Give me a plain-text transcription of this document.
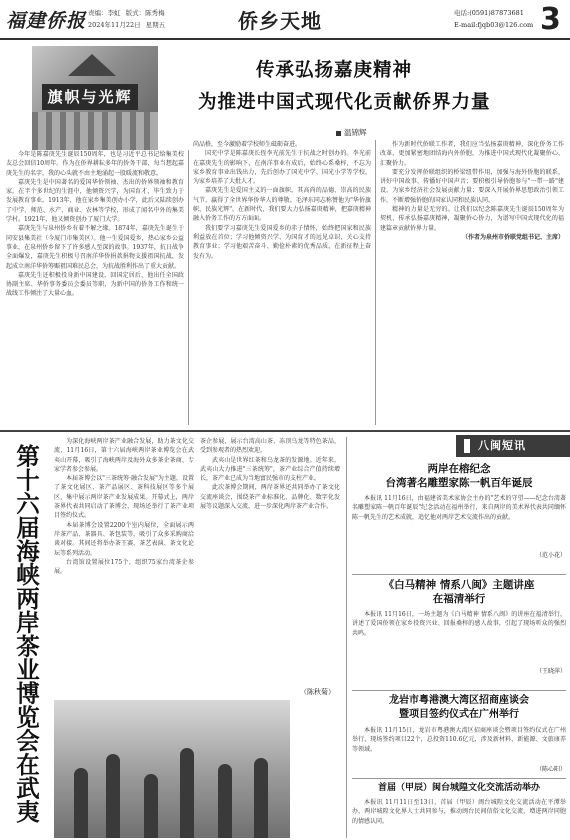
福建侨报 责编：李虹 版式：陈秀梅
2024年11月22日 星期五	侨乡天地	电话:(0591)87873681
E-mail:fjqb03@126.com 3
旗帜与光辉
传承弘扬嘉庚精神
为推进中国式现代化贡献侨界力量
温锦辉

今年是陈嘉庚先生诞辰150周年，也是习近平总书记给集美校友总会回信10周年。作为在侨界耕耘多年的侨务干部，每当想起嘉庚先生的名字，我的心头就不由主地涌起一股暖流和敬意。

嘉庚先生是中国著名的爱国华侨领袖、杰出的侨界领袖和教育家。在半个多世纪的生涯中，他倾资兴学，为国育才，毕生致力于发展教育事业。1913年，他在家乡集美创办小学，此后又陆续创办了中学、师范、水产、商业、农林等学校，形成了闻名中外的集美学村。1921年，他又倾资创办了厦门大学。

嘉庚先生与泉州侨乡有着不解之缘。1874年，嘉庚先生诞生于同安县集美社（今厦门市集美区）。他一生爱国爱乡，热心家乡公益事业，在泉州侨乡留下了许多感人至深的故事。1937年，抗日战争全面爆发，嘉庚先生积极号召南洋华侨捐款捐物支援祖国抗战，发起成立南洋华侨筹赈祖国难民总会，为抗战胜利作出了重大贡献。

嘉庚先生还积极投身新中国建设，回国定居后，他出任全国政协副主席、华侨事务委员会委员等职，为新中国的侨务工作和统一战线工作倾注了大量心血。

尚品格，至今激励着学校师生砥砺奋进。

国充中学是陈嘉庚长侄李光前先生于抗战之时创办的。李光前在嘉庚先生的影响下，在南洋事业有成后，始终心系桑梓，不忘为家乡教育事业出钱出力，先后创办了国光中学、国光小学等学校，为家乡培养了大批人才。

嘉庚先生是爱国主义的一面旗帜。其高尚的品德、崇高的民族气节，赢得了全世界华侨华人的尊敬。毛泽东同志称赞他为"华侨旗帜、民族光辉"。在新时代，我们要大力弘扬嘉庚精神，把嘉庚精神融入侨务工作的方方面面。

我们要学习嘉庚先生爱国爱乡的赤子情怀，始终把国家和民族利益放在首位；学习他倾资兴学、为国育才的远见卓识，关心支持教育事业；学习他艰苦奋斗、勤俭朴素的优秀品质，在新征程上奋发有为。

作为新时代侨联工作者，我们应当弘扬嘉庚精神，深化侨务工作改革，更加紧密地团结海内外侨胞，为推进中国式现代化凝聚侨心、汇聚侨力。

要充分发挥侨联组织的桥梁纽带作用，加强与海外侨胞的联系，讲好中国故事、传播好中国声音；要积极引导侨胞参与"一带一路"建设，为家乡经济社会发展贡献力量；要深入开展侨界思想政治引领工作，不断增强侨胞的国家认同和民族认同。

精神的力量是无穷的。让我们以纪念陈嘉庚先生诞辰150周年为契机，传承弘扬嘉庚精神，凝聚侨心侨力，为谱写中国式现代化的福建篇章贡献侨界力量。

（作者为泉州市侨联党组书记、主席）

第十六届海峡两岸茶业博览会在武夷

为深化海峡两岸茶产业融合发展，助力茶文化交流，11月16日，第十六届海峡两岸茶业博览会在武夷山开幕，吸引了海峡两岸及海外众多茶企茶商、专家学者参会参展。

本届茶博会以"三茶统筹·融合发展"为主题，设置了茶文化展区、茶产品展区、茶科技展区等多个展区，集中展示两岸茶产业发展成果。开幕式上，两岸茶界代表共同启动了茶博会，现场还举行了茶产业项目签约仪式。

本届茶博会设置2200个室内展位，全面展示两岸茶产品、茶器具、茶包装等，吸引了众多采购商洽谈对接。其间还将举办茶王赛、茶艺表演、茶文化论坛等系列活动。

台湾馆设置展位175个，组织75家台湾茶企参展。

茶企参展，展示台湾高山茶、冻顶乌龙等特色茶品，受到参观者的热烈欢迎。

武夷山是世界红茶和乌龙茶的发源地。近年来，武夷山大力推进"三茶统筹"，茶产业综合产值持续增长，茶产业已成为当地富民强市的支柱产业。

此次茶博会期间，两岸茶界还共同举办了茶文化交流座谈会，围绕茶产业标准化、品牌化、数字化发展等议题深入交流，进一步深化两岸茶产业合作。

（陈秋菊）
八闽短讯
两岸在榕纪念
台湾著名雕塑家陈一帆百年诞辰

本报讯 11月16日，由福建省美术家协会主办的"艺术的守望——纪念台湾著名雕塑家陈一帆百年诞辰"纪念活动在福州举行，来自两岸的美术界代表共同缅怀陈一帆先生的艺术成就，追忆他对两岸艺术交流作出的贡献。

（范小花）
《白马精神 情系八闽》主题讲座
在福清举行

本报讯 11月16日，一场主题为《白马精神 情系八闽》的讲座在福清举行，讲述了爱国侨领在家乡投资兴业、回报桑梓的感人故事，引起了现场听众的强烈共鸣。

（王晓萍）
龙岩市粤港澳大湾区招商座谈会
暨项目签约仪式在广州举行

本报讯 11月15日，龙岩市粤港澳大湾区招商座谈会暨项目签约仪式在广州举行，现场签约项目22个，总投资110.6亿元，涉及新材料、新能源、文旅康养等领域。

（陈心阳）
首届（甲辰）闽台城隍文化交流活动举办

本报讯 11月11日至13日，首届（甲辰）闽台城隍文化交流活动在平潭举办，两岸城隍文化界人士共同参与，推动闽台民间信俗文化交流，增进两岸同胞的情感认同。
